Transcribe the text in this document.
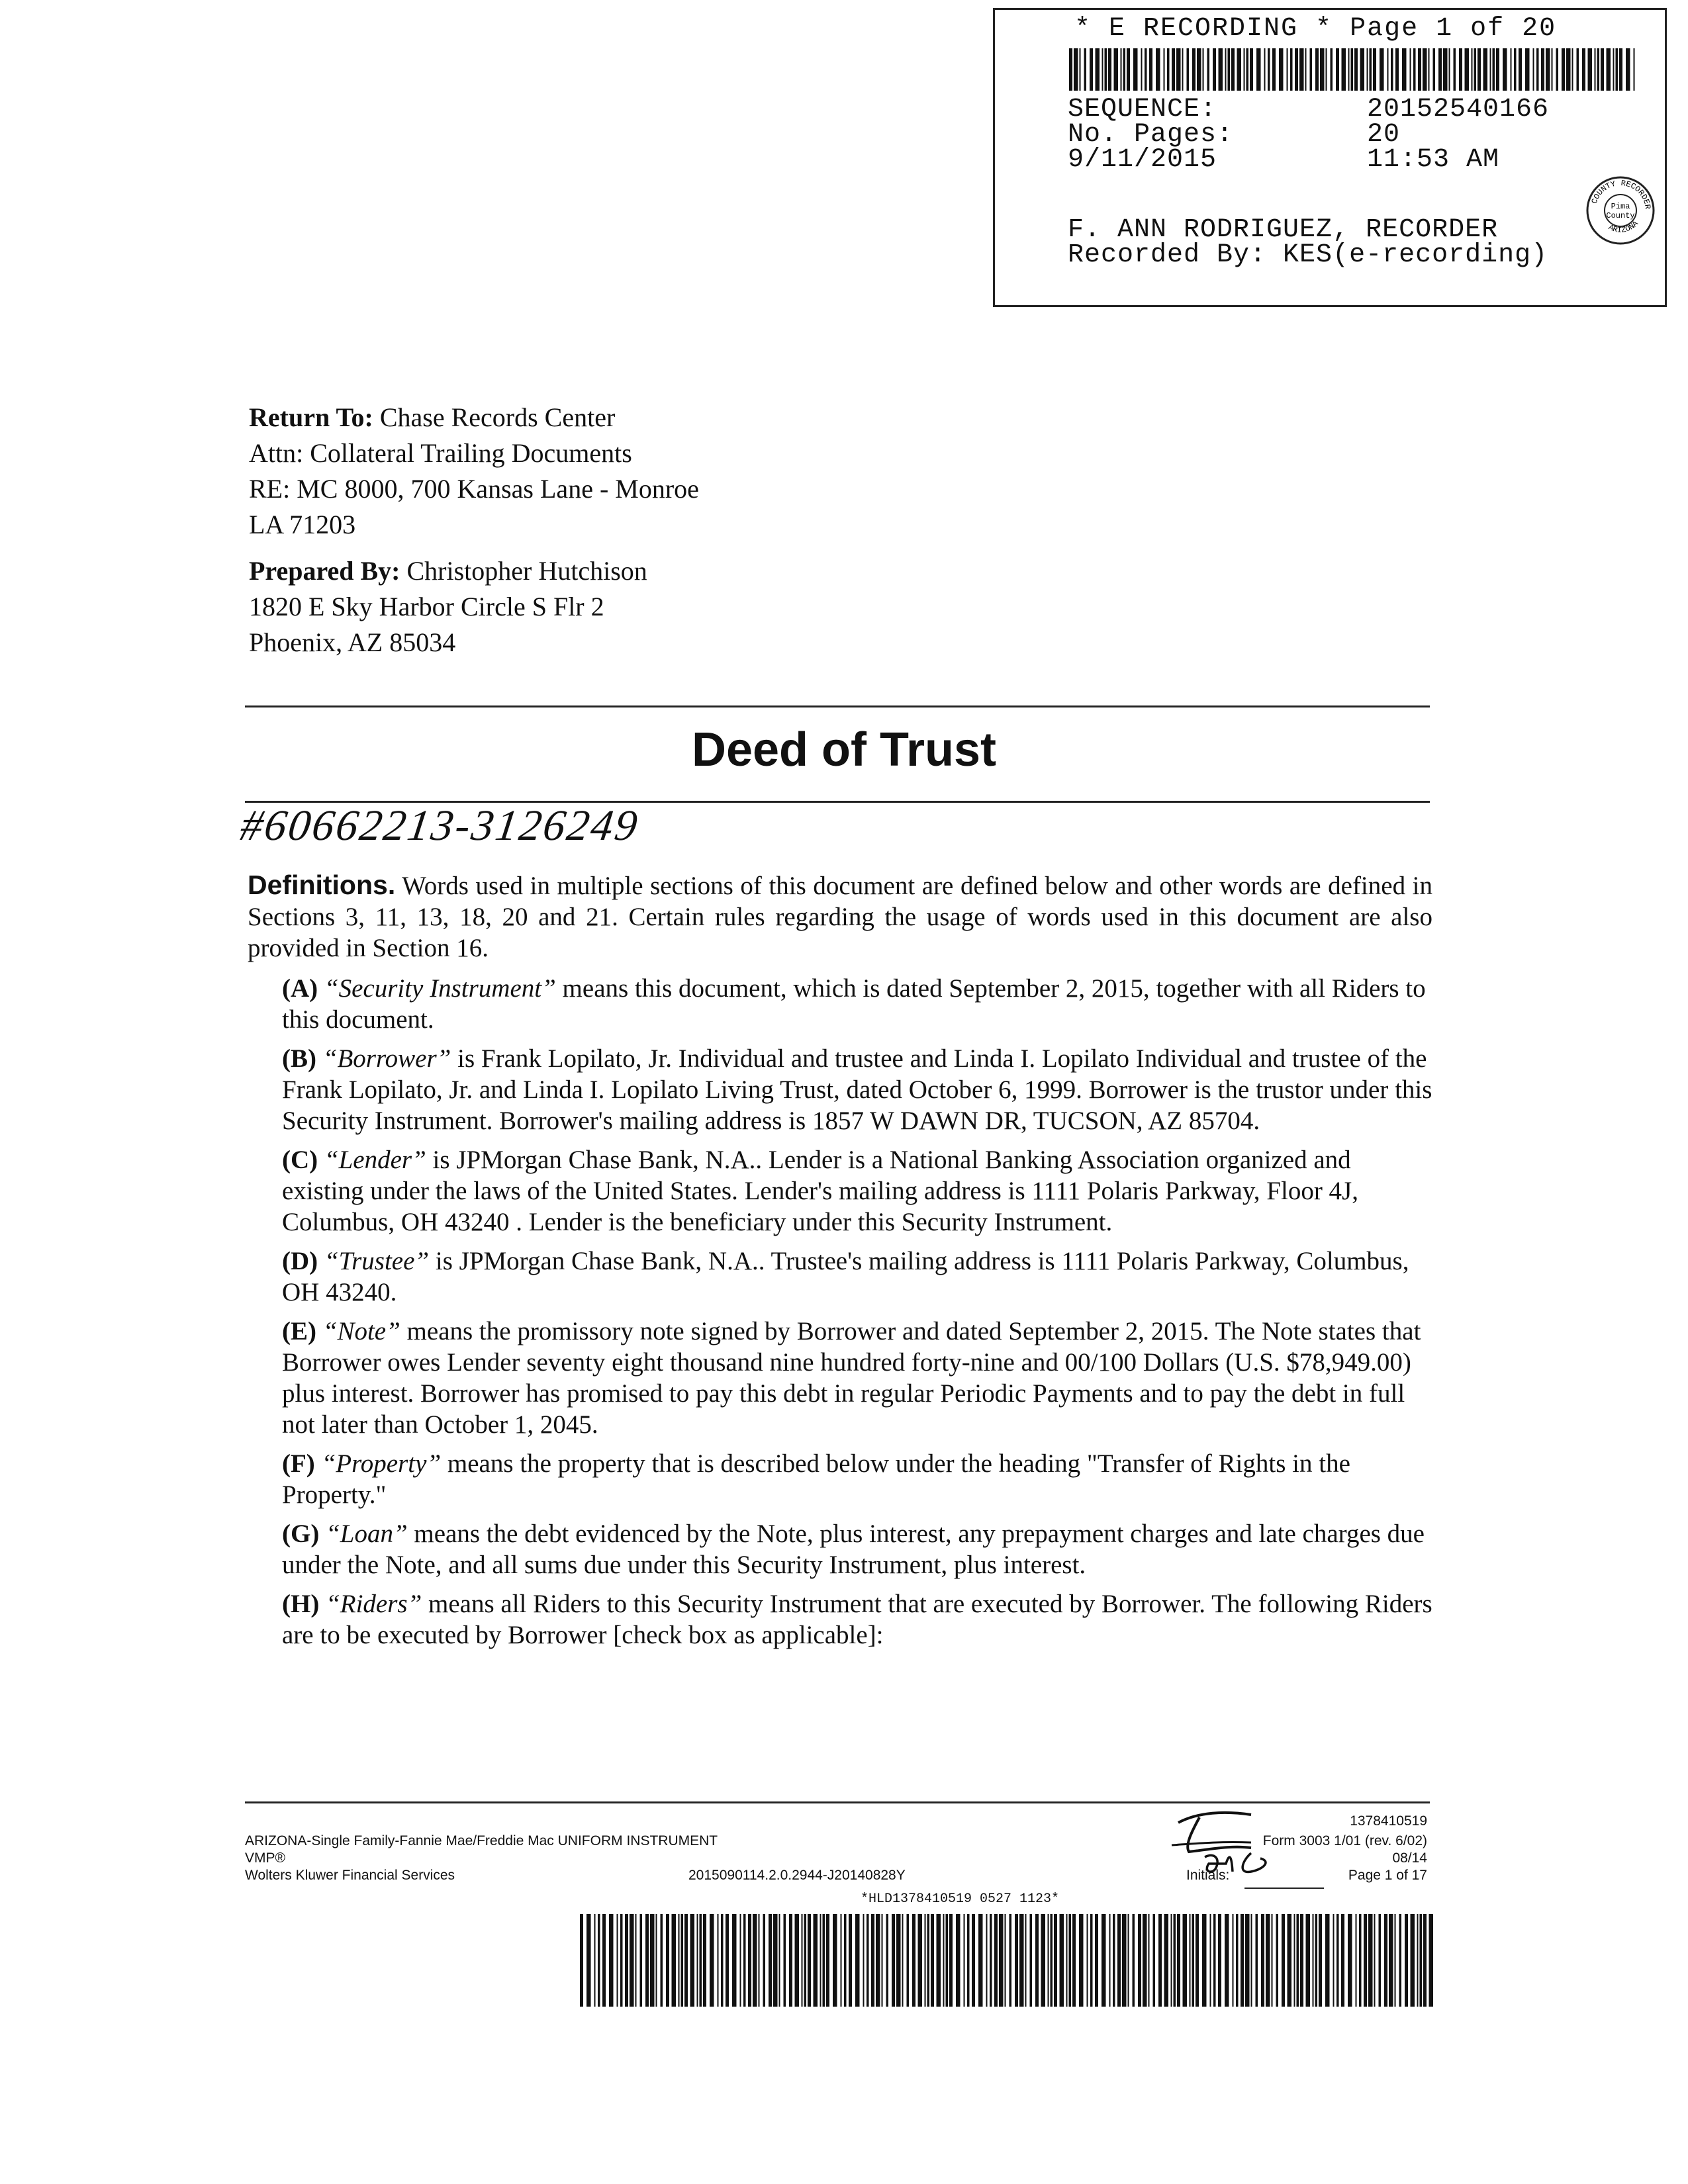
* E RECORDING * Page 1 of 20
SEQUENCE:	20152540166
No. Pages:	20
9/11/2015	11:53 AM
F. ANN RODRIGUEZ, RECORDER
Recorded By: KES(e-recording)
Pima
County
COUNTY RECORDER
ARIZONA
Return To: Chase Records Center
Attn: Collateral Trailing Documents
RE: MC 8000, 700 Kansas Lane - Monroe
LA 71203
Prepared By: Christopher Hutchison
1820 E Sky Harbor Circle S Flr 2
Phoenix, AZ 85034
Deed of Trust
#60662213-3126249

Definitions. Words used in multiple sections of this document are defined below and other words are defined in Sections 3, 11, 13, 18, 20 and 21. Certain rules regarding the usage of words used in this document are also provided in Section 16.

(A) “Security Instrument” means this document, which is dated September 2, 2015, together with all Riders to this document.

(B) “Borrower” is Frank Lopilato, Jr. Individual and trustee and Linda I. Lopilato Individual and trustee of the Frank Lopilato, Jr. and Linda I. Lopilato Living Trust, dated October 6, 1999. Borrower is the trustor under this Security Instrument. Borrower's mailing address is 1857 W DAWN DR, TUCSON, AZ 85704.

(C) “Lender” is JPMorgan Chase Bank, N.A.. Lender is a National Banking Association organized and existing under the laws of the United States. Lender's mailing address is 1111 Polaris Parkway, Floor 4J, Columbus, OH 43240 . Lender is the beneficiary under this Security Instrument.

(D) “Trustee” is JPMorgan Chase Bank, N.A.. Trustee's mailing address is 1111 Polaris Parkway, Columbus, OH 43240.

(E) “Note” means the promissory note signed by Borrower and dated September 2, 2015. The Note states that Borrower owes Lender seventy eight thousand nine hundred forty-nine and 00/100 Dollars (U.S. $78,949.00) plus interest. Borrower has promised to pay this debt in regular Periodic Payments and to pay the debt in full not later than October 1, 2045.

(F) “Property” means the property that is described below under the heading "Transfer of Rights in the Property."

(G) “Loan” means the debt evidenced by the Note, plus interest, any prepayment charges and late charges due under the Note, and all sums due under this Security Instrument, plus interest.

(H) “Riders” means all Riders to this Security Instrument that are executed by Borrower. The following Riders are to be executed by Borrower [check box as applicable]:

ARIZONA-Single Family-Fannie Mae/Freddie Mac UNIFORM INSTRUMENT
VMP®
Wolters Kluwer Financial Services	2015090114.2.0.2944-J20140828Y
1378410519
Form 3003 1/01 (rev. 6/02)
08/14
Initials:	Page 1 of 17
*HLD1378410519 0527 1123*
